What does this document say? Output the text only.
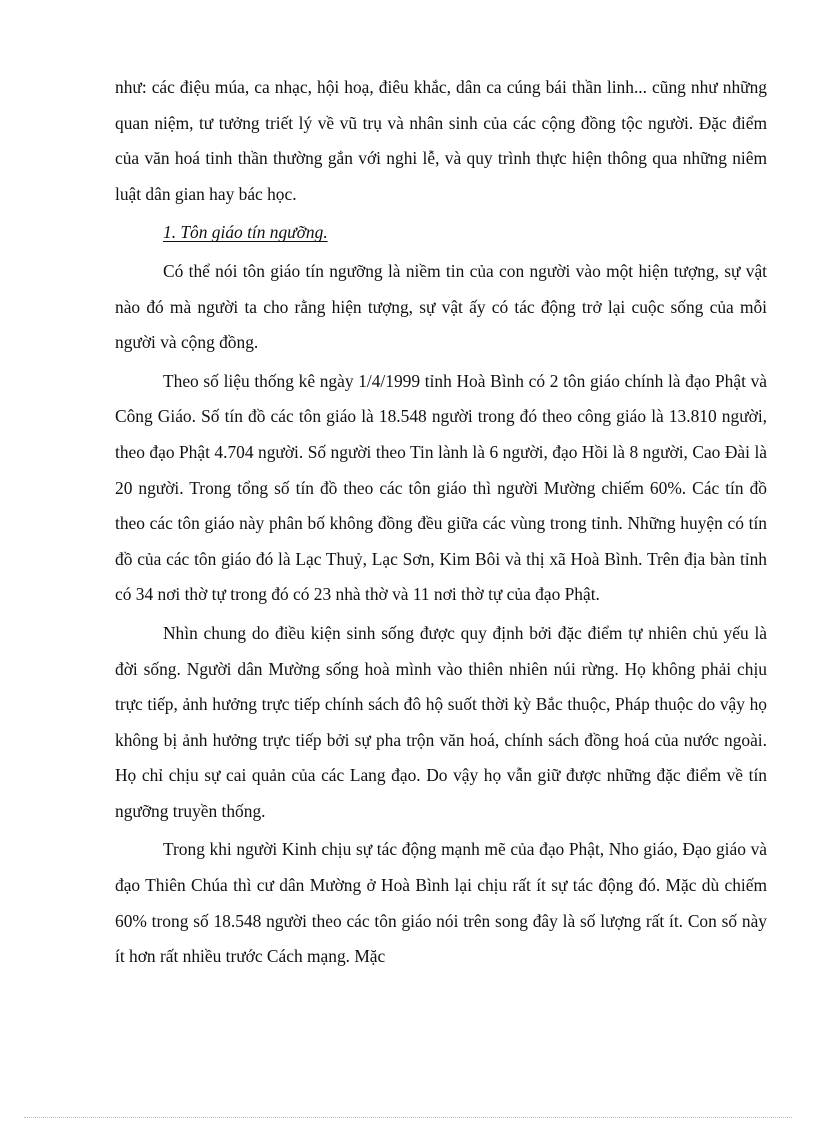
như: các điệu múa, ca nhạc, hội hoạ, điêu khắc, dân ca cúng bái thần linh... cũng như những quan niệm, tư tưởng triết lý về vũ trụ và nhân sinh của các cộng đồng tộc người. Đặc điểm của văn hoá tinh thần thường gắn với nghi lễ, và quy trình thực hiện thông qua những niêm luật dân gian hay bác học.

1. Tôn giáo tín ngưỡng.

Có thể nói tôn giáo tín ngưỡng là niềm tin của con người vào một hiện tượng, sự vật nào đó mà người ta cho rằng hiện tượng, sự vật ấy có tác động trở lại cuộc sống của mỗi người và cộng đồng.

Theo số liệu thống kê ngày 1/4/1999 tỉnh Hoà Bình có 2 tôn giáo chính là đạo Phật và Công Giáo. Số tín đồ các tôn giáo là 18.548 người trong đó theo công giáo là 13.810 người, theo đạo Phật 4.704 người. Số người theo Tin lành là 6 người, đạo Hồi là 8 người, Cao Đài là 20 người. Trong tổng số tín đồ theo các tôn giáo thì người Mường chiếm 60%. Các tín đồ theo các tôn giáo này phân bố không đồng đều giữa các vùng trong tỉnh. Những huyện có tín đồ của các tôn giáo đó là Lạc Thuỷ, Lạc Sơn, Kim Bôi và thị xã Hoà Bình. Trên địa bàn tỉnh có 34 nơi thờ tự trong đó có 23 nhà thờ và 11 nơi thờ tự của đạo Phật.

Nhìn chung do điều kiện sinh sống được quy định bởi đặc điểm tự nhiên chủ yếu là đời sống. Người dân Mường sống hoà mình vào thiên nhiên núi rừng. Họ không phải chịu trực tiếp, ảnh hưởng trực tiếp chính sách đô hộ suốt thời kỳ Bắc thuộc, Pháp thuộc do vậy họ không bị ảnh hưởng trực tiếp bởi sự pha trộn văn hoá, chính sách đồng hoá của nước ngoài. Họ chỉ chịu sự cai quản của các Lang đạo. Do vậy họ vẫn giữ được những đặc điểm về tín ngưỡng truyền thống.

Trong khi người Kinh chịu sự tác động mạnh mẽ của đạo Phật, Nho giáo, Đạo giáo và đạo Thiên Chúa thì cư dân Mường ở Hoà Bình lại chịu rất ít sự tác động đó. Mặc dù chiếm 60% trong số 18.548 người theo các tôn giáo nói trên song đây là số lượng rất ít. Con số này ít hơn rất nhiều trước Cách mạng. Mặc
